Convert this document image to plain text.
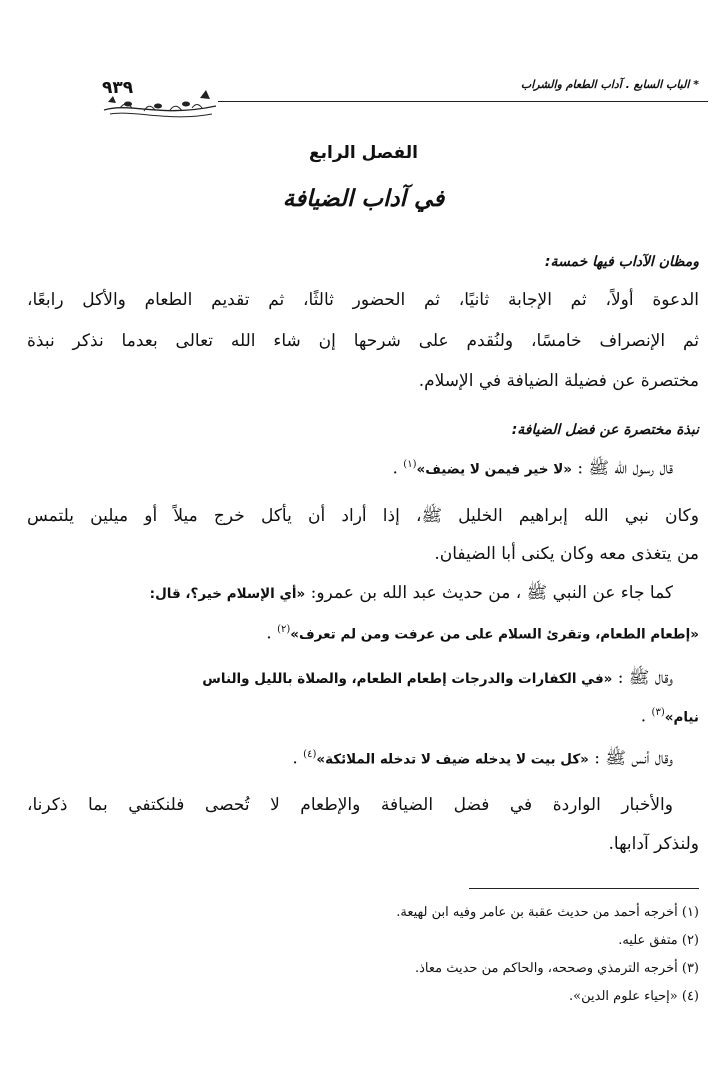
* الباب السابع . آداب الطعام والشراب
٩٣٩
الفصل الرابع
في آداب الضيافة
ومظان الآداب فيها خمسة:
الدعوة أولاً، ثم الإجابة ثانيًا، ثم الحضور ثالثًا، ثم تقديم الطعام والأكل رابعًا،
ثم الإنصراف خامسًا، ولنُقدم على شرحها إن شاء الله تعالى بعدما نذكر نبذة
مختصرة عن فضيلة الضيافة في الإسلام.
نبذة مختصرة عن فضل الضيافة:
قال رسول الله ﷺ : «لا خير فيمن لا يضيف»$^{(١)}$ .
وكان نبي الله إبراهيم الخليل ﷺ، إذا أراد أن يأكل خرج ميلاً أو ميلين يلتمس
من يتغذى معه وكان يكنى أبا الضيفان.
كما جاء عن النبي ﷺ ، من حديث عبد الله بن عمرو: «أي الإسلام خير؟، قال:
«إطعام الطعام، وتقرئ السلام على من عرفت ومن لم تعرف»$^{(٢)}$ .
وقال ﷺ : «في الكفارات والدرجات إطعام الطعام، والصلاة بالليل والناس
نيام»$^{(٣)}$ .
وقال أنس ﷺ : «كل بيت لا يدخله ضيف لا تدخله الملائكة»$^{(٤)}$ .
والأخبار الواردة في فضل الضيافة والإطعام لا تُحصى فلنكتفي بما ذكرنا،
ولنذكر آدابها.
(١) أخرجه أحمد من حديث عقبة بن عامر وفيه ابن لهيعة.
(٢) متفق عليه.
(٣) أخرجه الترمذي وصححه، والحاكم من حديث معاذ.
(٤) «إحياء علوم الدين».
